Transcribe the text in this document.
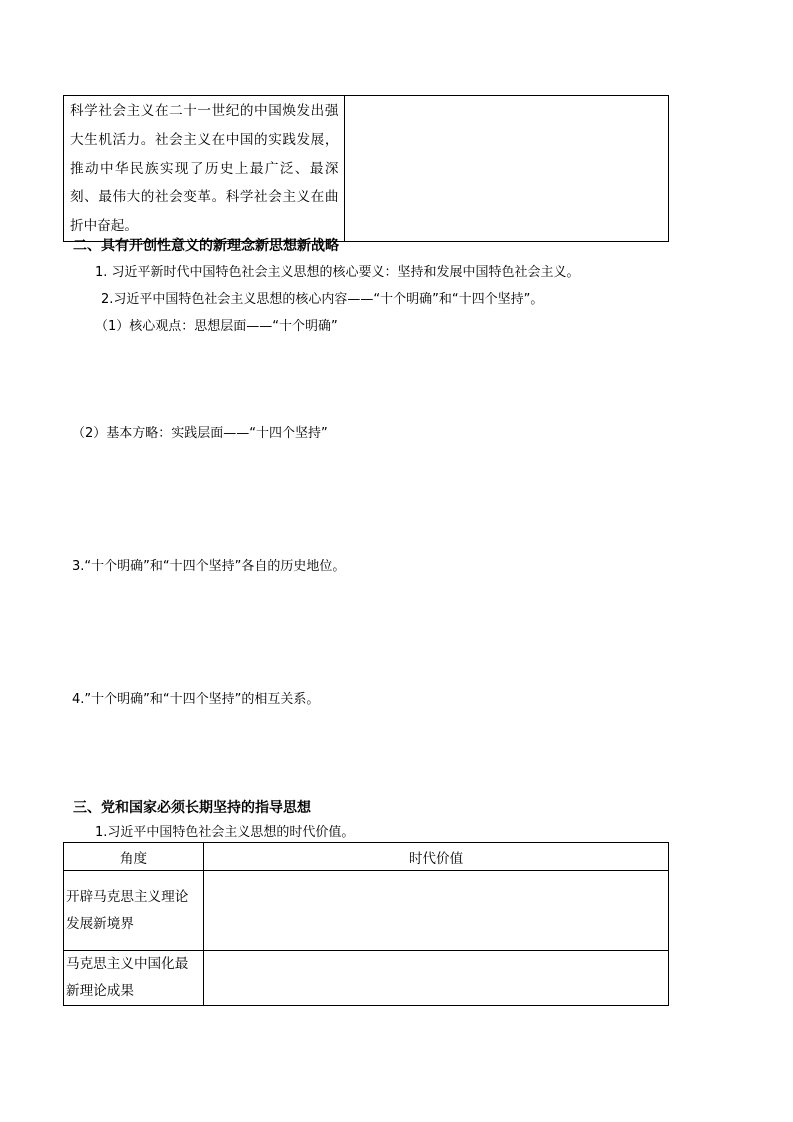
科学社会主义在二十一世纪的中国焕发出强大生机活力。社会主义在中国的实践发展，推动中华民族实现了历史上最广泛、最深刻、最伟大的社会变革。科学社会主义在曲折中奋起。	
二、具有开创性意义的新理念新思想新战略
1. 习近平新时代中国特色社会主义思想的核心要义：坚持和发展中国特色社会主义。
2.习近平中国特色社会主义思想的核心内容——“十个明确”和“十四个坚持”。
（1）核心观点：思想层面——“十个明确”
（2）基本方略：实践层面——“十四个坚持”
3.“十个明确”和“十四个坚持”各自的历史地位。
4.”十个明确”和“十四个坚持”的相互关系。
三、党和国家必须长期坚持的指导思想
1.习近平中国特色社会主义思想的时代价值。
角度	时代价值
开辟马克思主义理论发展新境界	
马克思主义中国化最新理论成果	
